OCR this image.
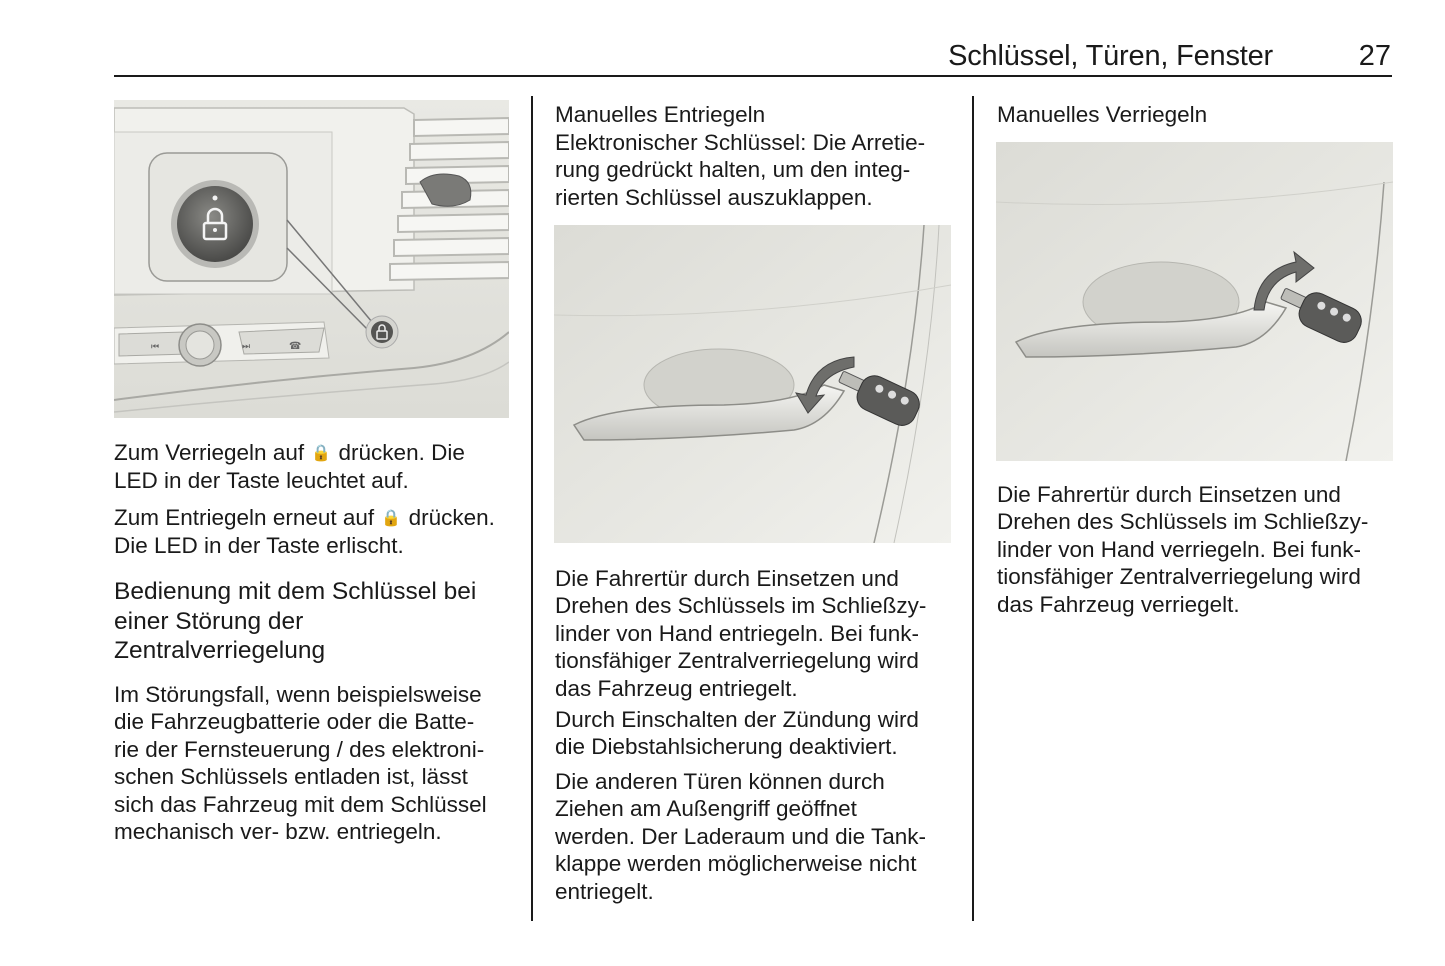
Schlüssel, Türen, Fenster	27
⏮	⏭	☎

Zum Verriegeln auf 🔒 drücken. Die
LED in der Taste leuchtet auf.

Zum Entriegeln erneut auf 🔒 drücken.
Die LED in der Taste erlischt.

Bedienung mit dem Schlüssel bei
einer Störung der
Zentralverriegelung

Im Störungsfall, wenn beispielsweise
die Fahrzeugbatterie oder die Batte-
rie der Fernsteuerung / des elektroni-
schen Schlüssels entladen ist, lässt
sich das Fahrzeug mit dem Schlüssel
mechanisch ver- bzw. entriegeln.

Manuelles Entriegeln

Elektronischer Schlüssel: Die Arretie-
rung gedrückt halten, um den integ-
rierten Schlüssel auszuklappen.

Die Fahrertür durch Einsetzen und
Drehen des Schlüssels im Schließzy-
linder von Hand entriegeln. Bei funk-
tionsfähiger Zentralverriegelung wird
das Fahrzeug entriegelt.

Durch Einschalten der Zündung wird
die Diebstahlsicherung deaktiviert.

Die anderen Türen können durch
Ziehen am Außengriff geöffnet
werden. Der Laderaum und die Tank-
klappe werden möglicherweise nicht
entriegelt.

Manuelles Verriegeln

Die Fahrertür durch Einsetzen und
Drehen des Schlüssels im Schließzy-
linder von Hand verriegeln. Bei funk-
tionsfähiger Zentralverriegelung wird
das Fahrzeug verriegelt.
